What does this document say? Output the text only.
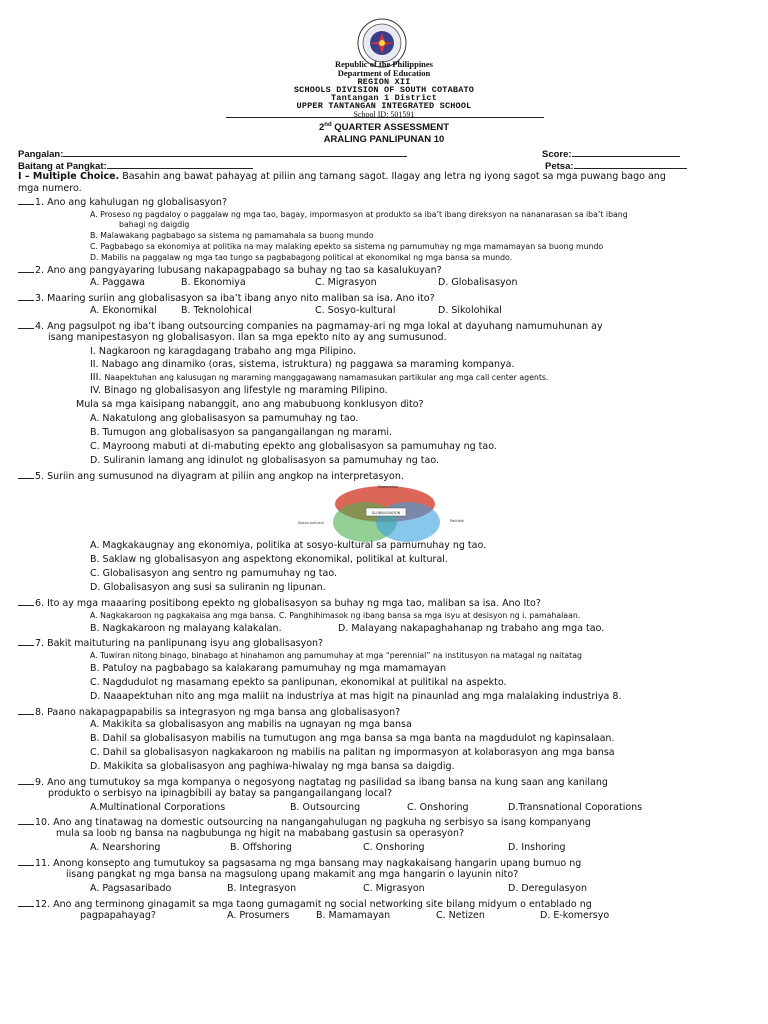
Republic of the Philippines
Department of Education
REGION XII
SCHOOLS DIVISION OF SOUTH COTABATO
Tantangan 1 District
UPPER TANTANGAN INTEGRATED SCHOOL
School ID: 501591
2nd QUARTER ASSESSMENT
ARALING PANLIPUNAN 10
Pangalan:	Score:
Baitang at Pangkat:	Petsa:
I – Multiple Choice. Basahin ang bawat pahayag at piliin ang tamang sagot. Ilagay ang letra ng iyong sagot sa mga puwang bago ang
mga numero.
1. Ano ang kahulugan ng globalisasyon?
A. Proseso ng pagdaloy o paggalaw ng mga tao, bagay, impormasyon at produkto sa iba’t ibang direksyon na nananarasan sa iba’t ibang
bahagi ng daigdig
B. Malawakang pagbabago sa sistema ng pamamahala sa buong mundo
C. Pagbabago sa ekonomiya at politika na may malaking epekto sa sistema ng pamumuhay ng mga mamamayan sa buong mundo
D. Mabilis na paggalaw ng mga tao tungo sa pagbabagong political at ekonomikal ng mga bansa sa mundo.
2. Ano ang pangyayaring lubusang nakapagpabago sa buhay ng tao sa kasalukuyan?
A. Paggawa	B. Ekonomiya	C. Migrasyon	D. Globalisasyon
3. Maaring suriin ang globalisasyon sa iba’t ibang anyo nito maliban sa isa. Ano ito?
A. Ekonomikal	B. Teknolohical	C. Sosyo-kultural	D. Sikolohikal
4. Ang pagsulpot ng iba’t ibang outsourcing companies na pagmamay-ari ng mga lokal at dayuhang namumuhunan ay
isang manipestasyon ng globalisasyon. Ilan sa mga epekto nito ay ang sumusunod.
I. Nagkaroon ng karagdagang trabaho ang mga Pilipino.
II. Nabago ang dinamiko (oras, sistema, istruktura) ng paggawa sa maraming kompanya.
III. Naapektuhan ang kalusugan ng maraming manggagawang namamasukan partikular ang mga call center agents.
IV. Binago ng globalisasyon ang lifestyle ng maraming Pilipino.
Mula sa mga kaisipang nabanggit, ano ang mabubuong konklusyon dito?
A. Nakatulong ang globalisasyon sa pamumuhay ng tao.
B. Tumugon ang globalisasyon sa pangangailangan ng marami.
C. Mayroong mabuti at di-mabuting epekto ang globalisasyon sa pamumuhay ng tao.
D. Suliranin lamang ang idinulot ng globalisasyon sa pamumuhay ng tao.
5. Suriin ang sumusunod na diyagram at piliin ang angkop na interpretasyon.
GLOBALISASYON
Ekonomikal
Sosyo-kultural	Politikal
A. Magkakaugnay ang ekonomiya, politika at sosyo-kultural sa pamumuhay ng tao.
B. Saklaw ng globalisasyon ang aspektong ekonomikal, politikal at kultural.
C. Globalisasyon ang sentro ng pamumuhay ng tao.
D. Globalisasyon ang susi sa suliranin ng lipunan.
6. Ito ay mga maaaring positibong epekto ng globalisasyon sa buhay ng mga tao, maliban sa isa. Ano Ito?
A. Nagkakaroon ng pagkakaisa ang mga bansa. C. Panghihimasok ng ibang bansa sa mga isyu at desisyon ng i. pamahalaan.
B. Nagkakaroon ng malayang kalakalan.	D. Malayang nakapaghahanap ng trabaho ang mga tao.
7. Bakit maituturing na panlipunang isyu ang globalisasyon?
A. Tuwiran nitong binago, binabago at hinahamon ang pamumuhay at mga “perennial” na institusyon na matagal ng naitatag
B. Patuloy na pagbabago sa kalakarang pamumuhay ng mga mamamayan
C. Nagdudulot ng masamang epekto sa panlipunan, ekonomikal at pulitikal na aspekto.
D. Naaapektuhan nito ang mga maliit na industriya at mas higit na pinaunlad ang mga malalaking industriya 8.
8. Paano nakapagpapabilis sa integrasyon ng mga bansa ang globalisasyon?
A. Makikita sa globalisasyon ang mabilis na ugnayan ng mga bansa
B. Dahil sa globalisasyon mabilis na tumutugon ang mga bansa sa mga banta na magdudulot ng kapinsalaan.
C. Dahil sa globalisasyon nagkakaroon ng mabilis na palitan ng impormasyon at kolaborasyon ang mga bansa
D. Makikita sa globalisasyon ang paghiwa-hiwalay ng mga bansa sa daigdig.
9. Ano ang tumutukoy sa mga kompanya o negosyong nagtatag ng pasilidad sa ibang bansa na kung saan ang kanilang
produkto o serbisyo na ipinagbibili ay batay sa pangangailangang local?
A.Multinational Corporations	B. Outsourcing	C. Onshoring	D.Transnational Coporations
10. Ano ang tinatawag na domestic outsourcing na nangangahulugan ng pagkuha ng serbisyo sa isang kompanyang
mula sa loob ng bansa na nagbubunga ng higit na mababang gastusin sa operasyon?
A. Nearshoring	B. Offshoring	C. Onshoring	D. Inshoring
11. Anong konsepto ang tumutukoy sa pagsasama ng mga bansang may nagkakaisang hangarin upang bumuo ng
iisang pangkat ng mga bansa na magsulong upang makamit ang mga hangarin o layunin nito?
A. Pagsasaribado	B. Integrasyon	C. Migrasyon	D. Deregulasyon
12. Ano ang terminong ginagamit sa mga taong gumagamit ng social networking site bilang midyum o entablado ng
pagpapahayag?	A. Prosumers	B. Mamamayan	C. Netizen	D. E-komersyo
